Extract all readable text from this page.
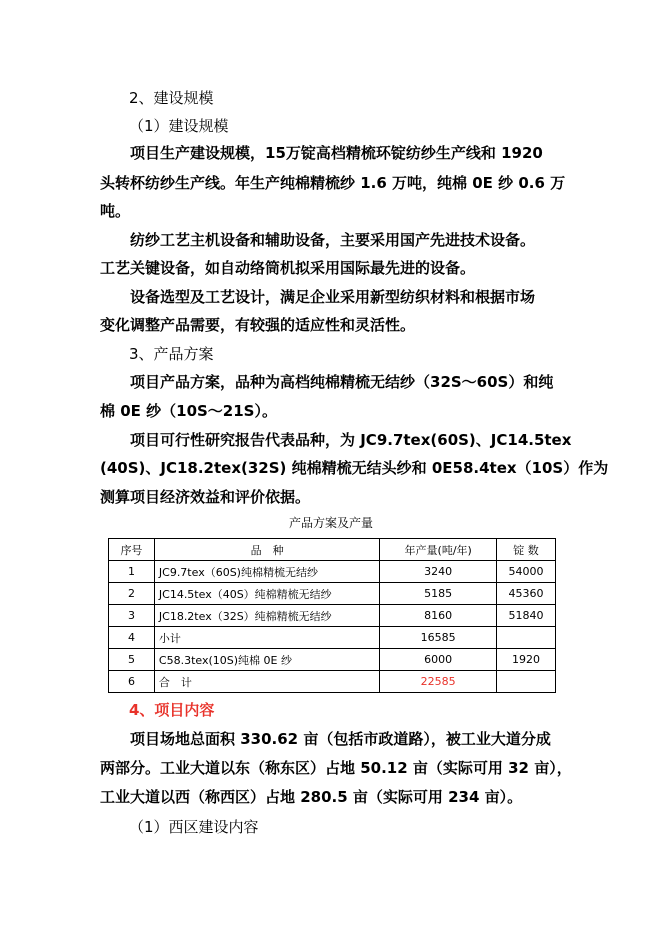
2、建设规模
（1）建设规模
项目生产建设规模，15万锭高档精梳环锭纺纱生产线和 1920
头转杯纺纱生产线。年生产纯棉精梳纱 1.6 万吨，纯棉 0E 纱 0.6 万
吨。
纺纱工艺主机设备和辅助设备，主要采用国产先进技术设备。
工艺关键设备，如自动络筒机拟采用国际最先进的设备。
设备选型及工艺设计，满足企业采用新型纺织材料和根据市场
变化调整产品需要，有较强的适应性和灵活性。
3、产品方案
项目产品方案，品种为高档纯棉精梳无结纱（32S～60S）和纯
棉 0E 纱（10S～21S）。
项目可行性研究报告代表品种，为 JC9.7tex(60S)、JC14.5tex
(40S)、JC18.2tex(32S) 纯棉精梳无结头纱和 0E58.4tex（10S）作为
测算项目经济效益和评价依据。
产品方案及产量
序号	品　种	年产量(吨/年)	锭 数
1	JC9.7tex（60S)纯棉精梳无结纱	3240	54000
2	JC14.5tex（40S）纯棉精梳无结纱	5185	45360
3	JC18.2tex（32S）纯棉精梳无结纱	8160	51840
4	小计	16585	
5	C58.3tex(10S)纯棉 0E 纱	6000	1920
6	合　计	22585	
4、项目内容
项目场地总面积 330.62 亩（包括市政道路），被工业大道分成
两部分。工业大道以东（称东区）占地 50.12 亩（实际可用 32 亩），
工业大道以西（称西区）占地 280.5 亩（实际可用 234 亩）。
（1）西区建设内容
